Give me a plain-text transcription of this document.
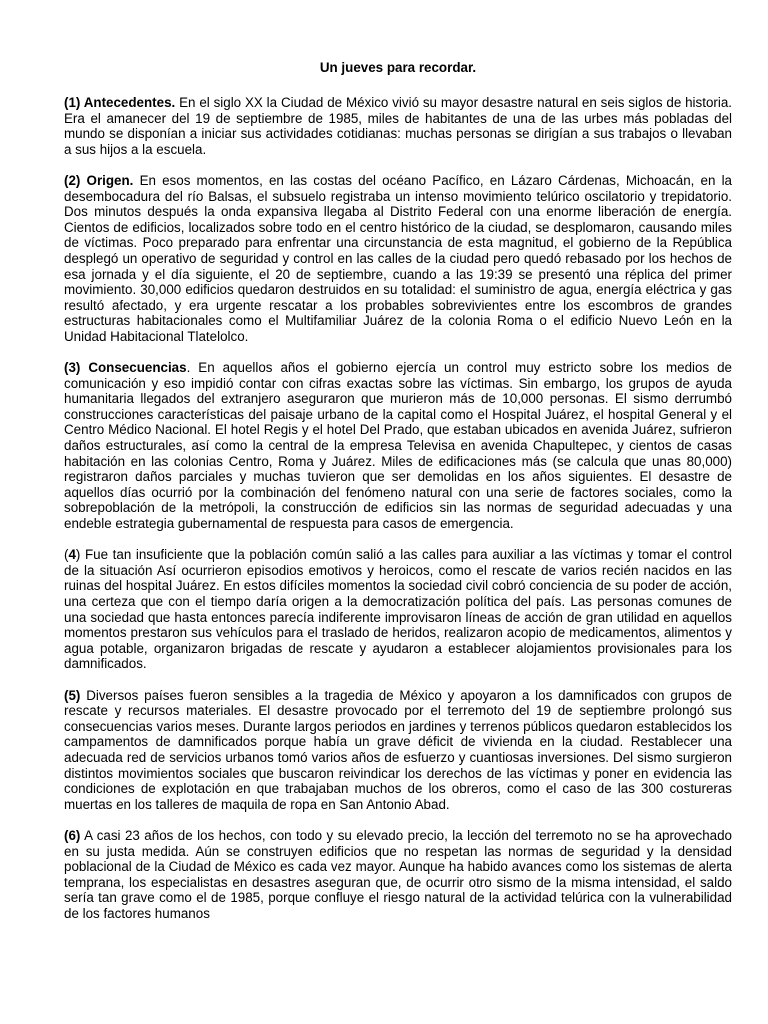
Un jueves para recordar.

(1) Antecedentes. En el siglo XX la Ciudad de México vivió su mayor desastre natural en seis siglos de historia. Era el amanecer del 19 de septiembre de 1985, miles de habitantes de una de las urbes más pobladas del mundo se disponían a iniciar sus actividades cotidianas: muchas personas se dirigían a sus trabajos o llevaban a sus hijos a la escuela.

(2) Origen. En esos momentos, en las costas del océano Pacífico, en Lázaro Cárdenas, Michoacán, en la desembocadura del río Balsas, el subsuelo registraba un intenso movimiento telúrico oscilatorio y trepidatorio. Dos minutos después la onda expansiva llegaba al Distrito Federal con una enorme liberación de energía. Cientos de edificios, localizados sobre todo en el centro histórico de la ciudad, se desplomaron, causando miles de víctimas. Poco preparado para enfrentar una circunstancia de esta magnitud, el gobierno de la República desplegó un operativo de seguridad y control en las calles de la ciudad pero quedó rebasado por los hechos de esa jornada y el día siguiente, el 20 de septiembre, cuando a las 19:39 se presentó una réplica del primer movimiento. 30,000 edificios quedaron destruidos en su totalidad: el suministro de agua, energía eléctrica y gas resultó afectado, y era urgente rescatar a los probables sobrevivientes entre los escombros de grandes estructuras habitacionales como el Multifamiliar Juárez de la colonia Roma o el edificio Nuevo León en la Unidad Habitacional Tlatelolco.

(3) Consecuencias. En aquellos años el gobierno ejercía un control muy estricto sobre los medios de comunicación y eso impidió contar con cifras exactas sobre las víctimas. Sin embargo, los grupos de ayuda humanitaria llegados del extranjero aseguraron que murieron más de 10,000 personas. El sismo derrumbó construcciones características del paisaje urbano de la capital como el Hospital Juárez, el hospital General y el Centro Médico Nacional. El hotel Regis y el hotel Del Prado, que estaban ubicados en avenida Juárez, sufrieron daños estructurales, así como la central de la empresa Televisa en avenida Chapultepec, y cientos de casas habitación en las colonias Centro, Roma y Juárez. Miles de edificaciones más (se calcula que unas 80,000) registraron daños parciales y muchas tuvieron que ser demolidas en los años siguientes. El desastre de aquellos días ocurrió por la combinación del fenómeno natural con una serie de factores sociales, como la sobrepoblación de la metrópoli, la construcción de edificios sin las normas de seguridad adecuadas y una endeble estrategia gubernamental de respuesta para casos de emergencia.

(4) Fue tan insuficiente que la población común salió a las calles para auxiliar a las víctimas y tomar el control de la situación Así ocurrieron episodios emotivos y heroicos, como el rescate de varios recién nacidos en las ruinas del hospital Juárez. En estos difíciles momentos la sociedad civil cobró conciencia de su poder de acción, una certeza que con el tiempo daría origen a la democratización política del país. Las personas comunes de una sociedad que hasta entonces parecía indiferente improvisaron líneas de acción de gran utilidad en aquellos momentos prestaron sus vehículos para el traslado de heridos, realizaron acopio de medicamentos, alimentos y agua potable, organizaron brigadas de rescate y ayudaron a establecer alojamientos provisionales para los damnificados.

(5) Diversos países fueron sensibles a la tragedia de México y apoyaron a los damnificados con grupos de rescate y recursos materiales. El desastre provocado por el terremoto del 19 de septiembre prolongó sus consecuencias varios meses. Durante largos periodos en jardines y terrenos públicos quedaron establecidos los campamentos de damnificados porque había un grave déficit de vivienda en la ciudad. Restablecer una adecuada red de servicios urbanos tomó varios años de esfuerzo y cuantiosas inversiones. Del sismo surgieron distintos movimientos sociales que buscaron reivindicar los derechos de las víctimas y poner en evidencia las condiciones de explotación en que trabajaban muchos de los obreros, como el caso de las 300 costureras muertas en los talleres de maquila de ropa en San Antonio Abad.

(6) A casi 23 años de los hechos, con todo y su elevado precio, la lección del terremoto no se ha aprovechado en su justa medida. Aún se construyen edificios que no respetan las normas de seguridad y la densidad poblacional de la Ciudad de México es cada vez mayor. Aunque ha habido avances como los sistemas de alerta temprana, los especialistas en desastres aseguran que, de ocurrir otro sismo de la misma intensidad, el saldo sería tan grave como el de 1985, porque confluye el riesgo natural de la actividad telúrica con la vulnerabilidad de los factores humanos
